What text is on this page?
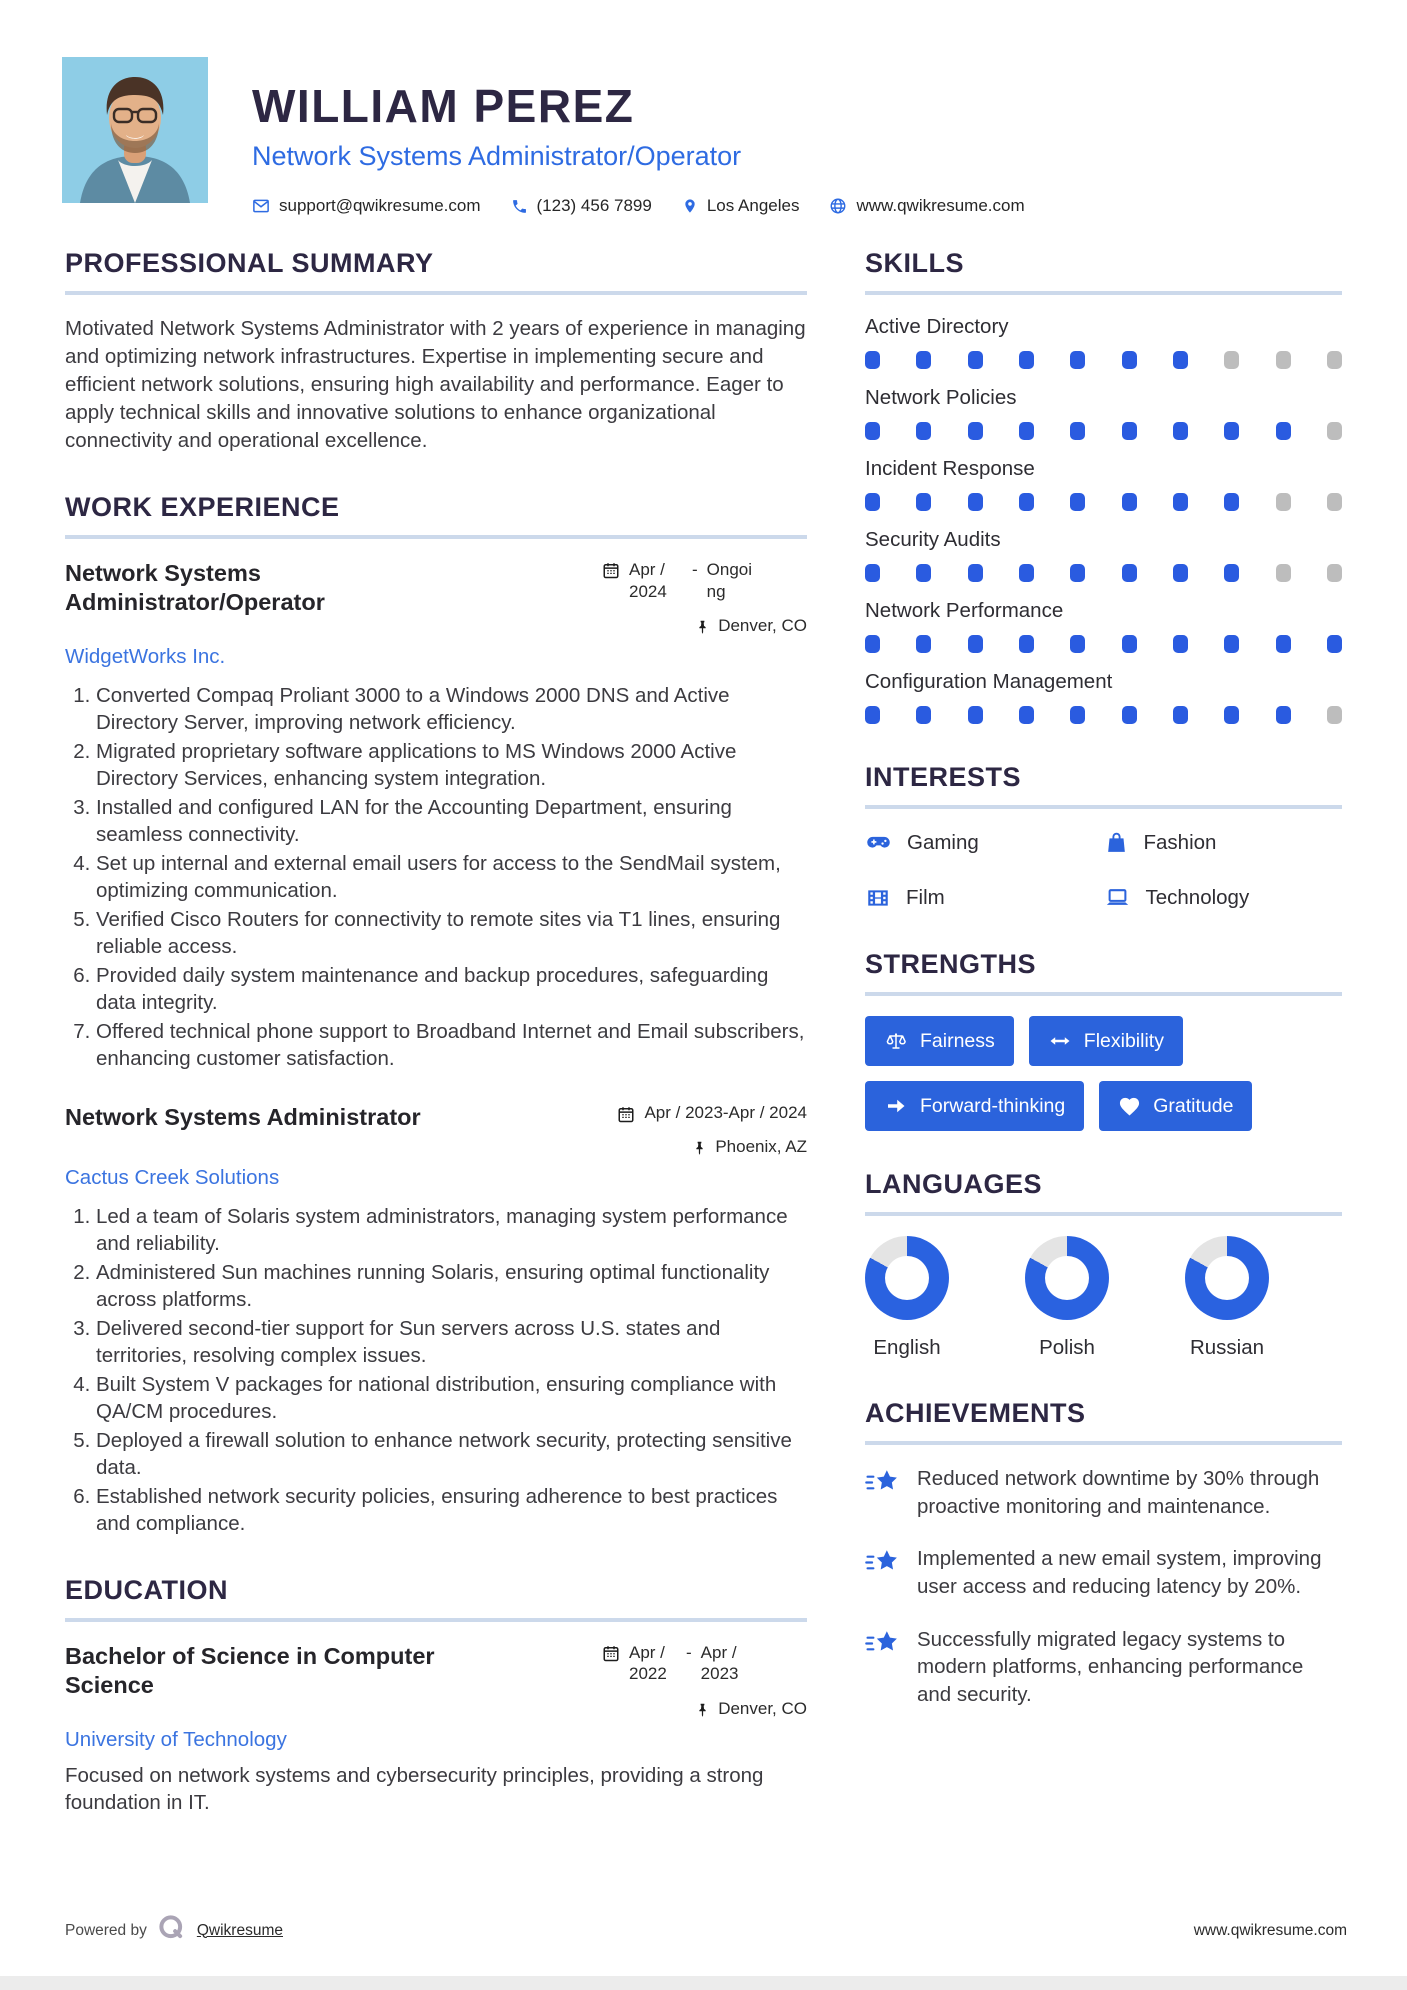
WILLIAM PEREZ
Network Systems Administrator/Operator
support@qwikresume.com	(123) 456 7899	Los Angeles	www.qwikresume.com
PROFESSIONAL SUMMARY

Motivated Network Systems Administrator with 2 years of experience in managing and optimizing network infrastructures. Expertise in implementing secure and efficient network solutions, ensuring high availability and performance. Eager to apply technical skills and innovative solutions to enhance organizational connectivity and operational excellence.

WORK EXPERIENCE
Network Systems Administrator/Operator
Apr / 2024
- Ongoing
Denver, CO
WidgetWorks Inc.
1. Converted Compaq Proliant 3000 to a Windows 2000 DNS and Active Directory Server, improving network efficiency.
2. Migrated proprietary software applications to MS Windows 2000 Active Directory Services, enhancing system integration.
3. Installed and configured LAN for the Accounting Department, ensuring seamless connectivity.
4. Set up internal and external email users for access to the SendMail system, optimizing communication.
5. Verified Cisco Routers for connectivity to remote sites via T1 lines, ensuring reliable access.
6. Provided daily system maintenance and backup procedures, safeguarding data integrity.
7. Offered technical phone support to Broadband Internet and Email subscribers, enhancing customer satisfaction.
Network Systems Administrator	Apr / 2023-Apr / 2024
Phoenix, AZ
Cactus Creek Solutions
1. Led a team of Solaris system administrators, managing system performance and reliability.
2. Administered Sun machines running Solaris, ensuring optimal functionality across platforms.
3. Delivered second-tier support for Sun servers across U.S. states and territories, resolving complex issues.
4. Built System V packages for national distribution, ensuring compliance with QA/CM procedures.
5. Deployed a firewall solution to enhance network security, protecting sensitive data.
6. Established network security policies, ensuring adherence to best practices and compliance.
EDUCATION
Bachelor of Science in Computer Science
Apr / 2022
- Apr / 2023
Denver, CO
University of Technology

Focused on network systems and cybersecurity principles, providing a strong foundation in IT.

SKILLS
Active Directory
Network Policies
Incident Response
Security Audits
Network Performance
Configuration Management
INTERESTS
Gaming	Fashion
Film	Technology
STRENGTHS
Fairness	Flexibility
Forward-thinking	Gratitude
LANGUAGES
English	Polish	Russian
ACHIEVEMENTS
Reduced network downtime by 30% through proactive monitoring and maintenance.
Implemented a new email system, improving user access and reducing latency by 20%.
Successfully migrated legacy systems to modern platforms, enhancing performance and security.
Powered by	Qwikresume	www.qwikresume.com
